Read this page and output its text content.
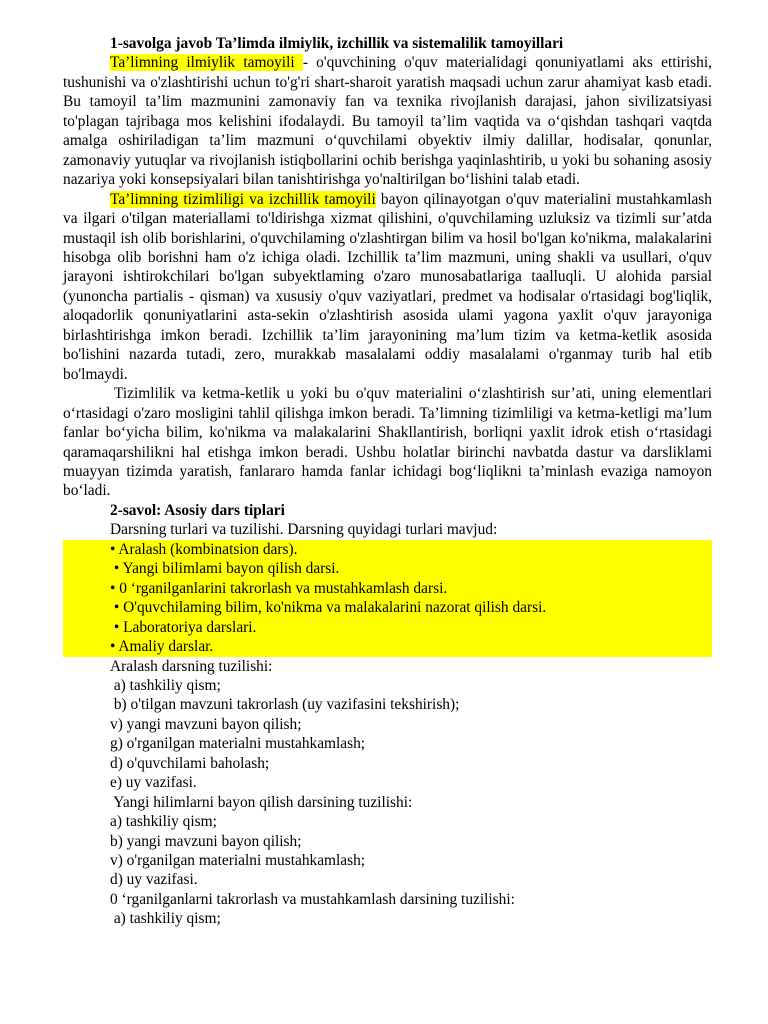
1-savolga javob Ta’limda ilmiylik, izchillik va sistemalilik tamoyillari

Ta’limning ilmiylik tamoyili - o'quvchining o'quv materialidagi qonuniyatlami aks ettirishi, tushunishi va o'zlashtirishi uchun to'g'ri shart-sharoit yaratish maqsadi uchun zarur ahamiyat kasb etadi. Bu tamoyil ta’lim mazmunini zamonaviy fan va texnika rivojlanish darajasi, jahon sivilizatsiyasi to'plagan tajribaga mos kelishini ifodalaydi. Bu tamoyil ta’lim vaqtida va o‘qishdan tashqari vaqtda amalga oshiriladigan ta’lim mazmuni o‘quvchilami obyektiv ilmiy dalillar, hodisalar, qonunlar, zamonaviy yutuqlar va rivojlanish istiqbollarini ochib berishga yaqinlashtirib, u yoki bu sohaning asosiy nazariya yoki konsepsiyalari bilan tanishtirishga yo'naltirilgan bo‘lishini talab etadi.

Ta’limning tizimliligi va izchillik tamoyili bayon qilinayotgan o'quv materialini mustahkamlash va ilgari o'tilgan materiallami to'ldirishga xizmat qilishini, o'quvchilaming uzluksiz va tizimli sur’atda mustaqil ish olib borishlarini, o'quvchilaming o'zlashtirgan bilim va hosil bo'lgan ko'nikma, malakalarini hisobga olib borishni ham o'z ichiga oladi. Izchillik ta’lim mazmuni, uning shakli va usullari, o'quv jarayoni ishtirokchilari bo'lgan subyektlaming o'zaro munosabatlariga taalluqli. U alohida parsial (yunoncha partialis - qisman) va xususiy o'quv vaziyatlari, predmet va hodisalar o'rtasidagi bog'liqlik, aloqadorlik qonuniyatlarini asta-sekin o'zlashtirish asosida ulami yagona yaxlit o'quv jarayoniga birlashtirishga imkon beradi. Izchillik ta’lim jarayonining ma’lum tizim va ketma-ketlik asosida bo'lishini nazarda tutadi, zero, murakkab masalalami oddiy masalalami o'rganmay turib hal etib bo'lmaydi.

Tizimlilik va ketma-ketlik u yoki bu o'quv materialini o‘zlashtirish sur’ati, uning elementlari o‘rtasidagi o'zaro mosligini tahlil qilishga imkon beradi. Ta’limning tizimliligi va ketma-ketligi ma’lum fanlar bo‘yicha bilim, ko'nikma va malakalarini Shakllantirish, borliqni yaxlit idrok etish o‘rtasidagi qaramaqarshilikni hal etishga imkon beradi. Ushbu holatlar birinchi navbatda dastur va darsliklami muayyan tizimda yaratish, fanlararo hamda fanlar ichidagi bog‘liqlikni ta’minlash evaziga namoyon bo‘ladi.

2-savol: Asosiy dars tiplari

Darsning turlari va tuzilishi. Darsning quyidagi turlari mavjud:

• Aralash (kombinatsion dars).

• Yangi bilimlami bayon qilish darsi.

• 0 ‘rganilganlarini takrorlash va mustahkamlash darsi.

• O'quvchilaming bilim, ko'nikma va malakalarini nazorat qilish darsi.

• Laboratoriya darslari.

• Amaliy darslar.

Aralash darsning tuzilishi:

a) tashkiliy qism;

b) o'tilgan mavzuni takrorlash (uy vazifasini tekshirish);

v) yangi mavzuni bayon qilish;

g) o'rganilgan materialni mustahkamlash;

d) o'quvchilami baholash;

e) uy vazifasi.

Yangi hilimlarni bayon qilish darsining tuzilishi:

a) tashkiliy qism;

b) yangi mavzuni bayon qilish;

v) o'rganilgan materialni mustahkamlash;

d) uy vazifasi.

0 ‘rganilganlarni takrorlash va mustahkamlash darsining tuzilishi:

a) tashkiliy qism;
